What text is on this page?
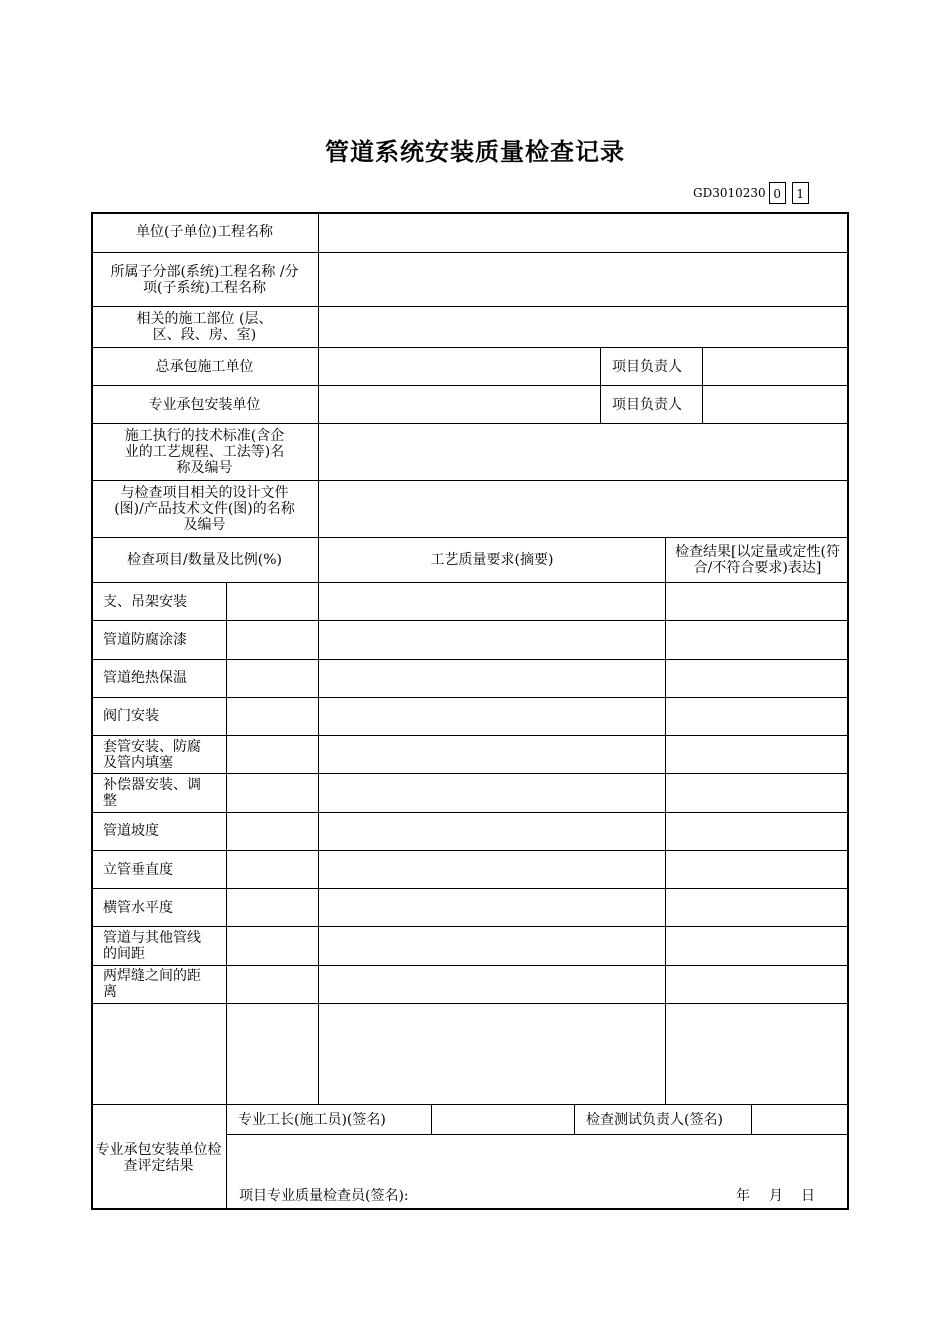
管道系统安装质量检查记录
GD3010230 0	1
单位(子单位)工程名称
所属子分部(系统)工程名称 /分项(子系统)工程名称
相关的施工部位 (层、区、段、房、室)
总承包施工单位	项目负责人
专业承包安装单位	项目负责人
施工执行的技术标准(含企业的工艺规程、工法等)名称及编号
与检查项目相关的设计文件(图)/产品技术文件(图)的名称及编号
检查项目/数量及比例(%)	工艺质量要求(摘要)	检查结果[以定量或定性(符合/不符合要求)表达]
支、吊架安装
管道防腐涂漆
管道绝热保温
阀门安装
套管安装、防腐及管内填塞
补偿器安装、调整
管道坡度
立管垂直度
横管水平度
管道与其他管线的间距
两焊缝之间的距离
专业承包安装单位检查评定结果
专业工长(施工员)(签名)	检查测试负责人(签名)
项目专业质量检查员(签名):	年 月 日
